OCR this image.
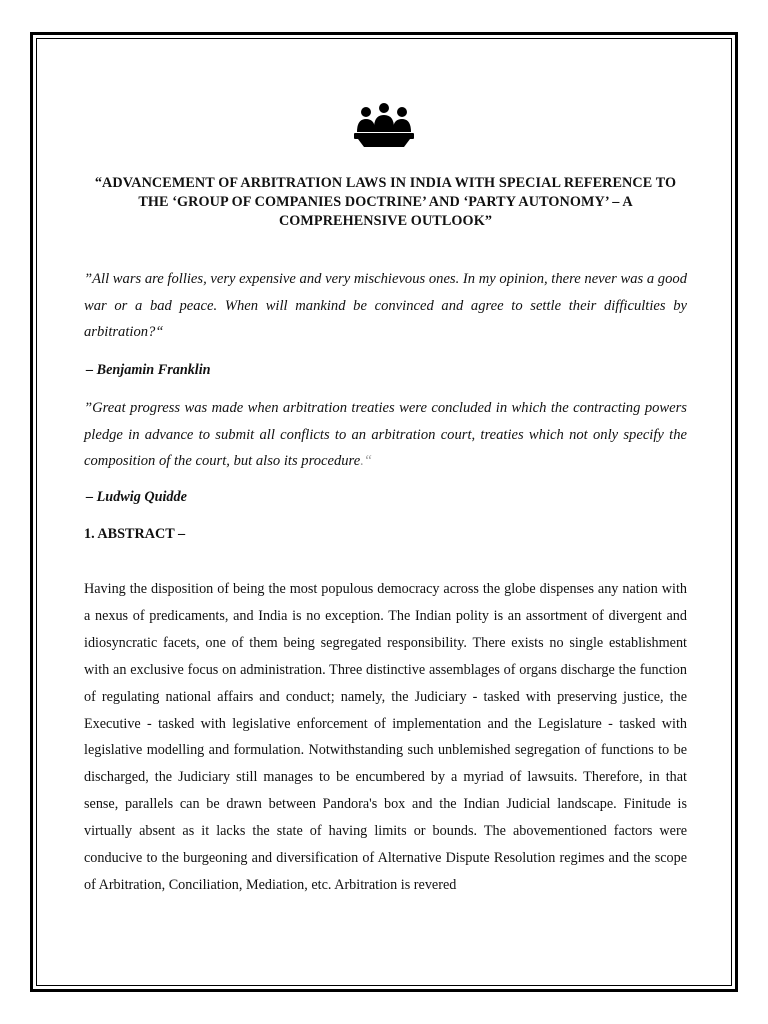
“ADVANCEMENT OF ARBITRATION LAWS IN INDIA WITH SPECIAL REFERENCE TO THE ‘GROUP OF COMPANIES DOCTRINE’ AND ‘PARTY AUTONOMY’ – A COMPREHENSIVE OUTLOOK”
”All wars are follies, very expensive and very mischievous ones. In my opinion, there never was a good war or a bad peace. When will mankind be convinced and agree to settle their difficulties by arbitration?“
– Benjamin Franklin
”Great progress was made when arbitration treaties were concluded in which the contracting powers pledge in advance to submit all conflicts to an arbitration court, treaties which not only specify the composition of the court, but also its procedure.“
– Ludwig Quidde
1. ABSTRACT –
Having the disposition of being the most populous democracy across the globe dispenses any nation with a nexus of predicaments, and India is no exception. The Indian polity is an assortment of divergent and idiosyncratic facets, one of them being segregated responsibility. There exists no single establishment with an exclusive focus on administration. Three distinctive assemblages of organs discharge the function of regulating national affairs and conduct; namely, the Judiciary - tasked with preserving justice, the Executive - tasked with legislative enforcement of implementation and the Legislature - tasked with legislative modelling and formulation. Notwithstanding such unblemished segregation of functions to be discharged, the Judiciary still manages to be encumbered by a myriad of lawsuits. Therefore, in that sense, parallels can be drawn between Pandora's box and the Indian Judicial landscape. Finitude is virtually absent as it lacks the state of having limits or bounds. The abovementioned factors were conducive to the burgeoning and diversification of Alternative Dispute Resolution regimes and the scope of Arbitration, Conciliation, Mediation, etc. Arbitration is revered
